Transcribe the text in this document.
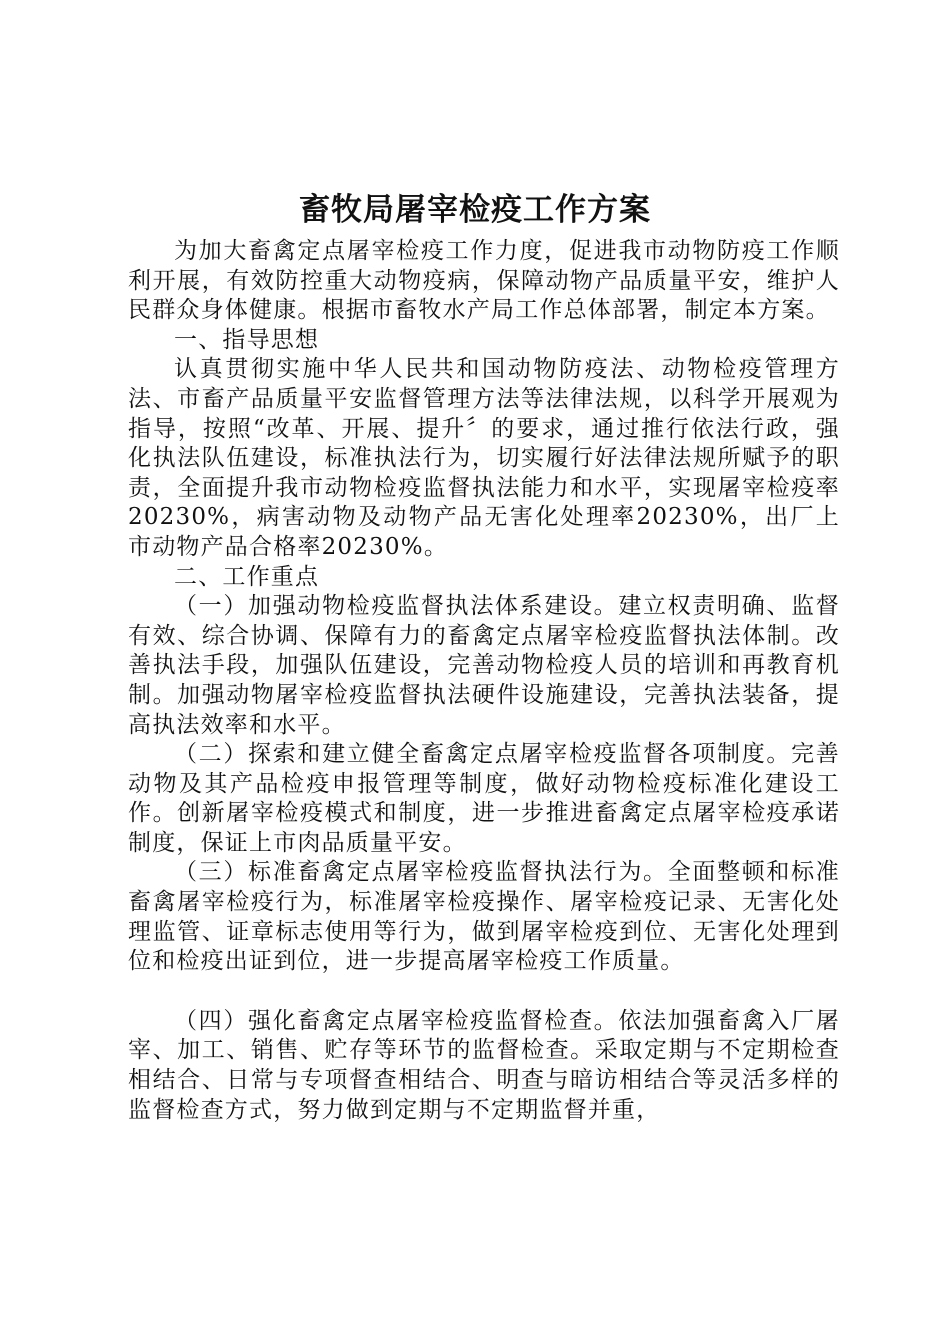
畜牧局屠宰检疫工作方案

为加大畜禽定点屠宰检疫工作力度，促进我市动物防疫工作顺利开展，有效防控重大动物疫病，保障动物产品质量平安，维护人民群众身体健康。根据市畜牧水产局工作总体部署，制定本方案。

一、指导思想

认真贯彻实施中华人民共和国动物防疫法、动物检疫管理方法、市畜产品质量平安监督管理方法等法律法规，以科学开展观为指导，按照“改革、开展、提升〞的要求，通过推行依法行政，强化执法队伍建设，标准执法行为，切实履行好法律法规所赋予的职责，全面提升我市动物检疫监督执法能力和水平，实现屠宰检疫率20230%，病害动物及动物产品无害化处理率20230%，出厂上市动物产品合格率20230%。

二、工作重点

（一）加强动物检疫监督执法体系建设。建立权责明确、监督有效、综合协调、保障有力的畜禽定点屠宰检疫监督执法体制。改善执法手段，加强队伍建设，完善动物检疫人员的培训和再教育机制。加强动物屠宰检疫监督执法硬件设施建设，完善执法装备，提高执法效率和水平。

（二）探索和建立健全畜禽定点屠宰检疫监督各项制度。完善动物及其产品检疫申报管理等制度，做好动物检疫标准化建设工作。创新屠宰检疫模式和制度，进一步推进畜禽定点屠宰检疫承诺制度，保证上市肉品质量平安。

（三）标准畜禽定点屠宰检疫监督执法行为。全面整顿和标准畜禽屠宰检疫行为，标准屠宰检疫操作、屠宰检疫记录、无害化处理监管、证章标志使用等行为，做到屠宰检疫到位、无害化处理到位和检疫出证到位，进一步提高屠宰检疫工作质量。

（四）强化畜禽定点屠宰检疫监督检查。依法加强畜禽入厂屠宰、加工、销售、贮存等环节的监督检查。采取定期与不定期检查相结合、日常与专项督查相结合、明查与暗访相结合等灵活多样的监督检查方式，努力做到定期与不定期监督并重，
